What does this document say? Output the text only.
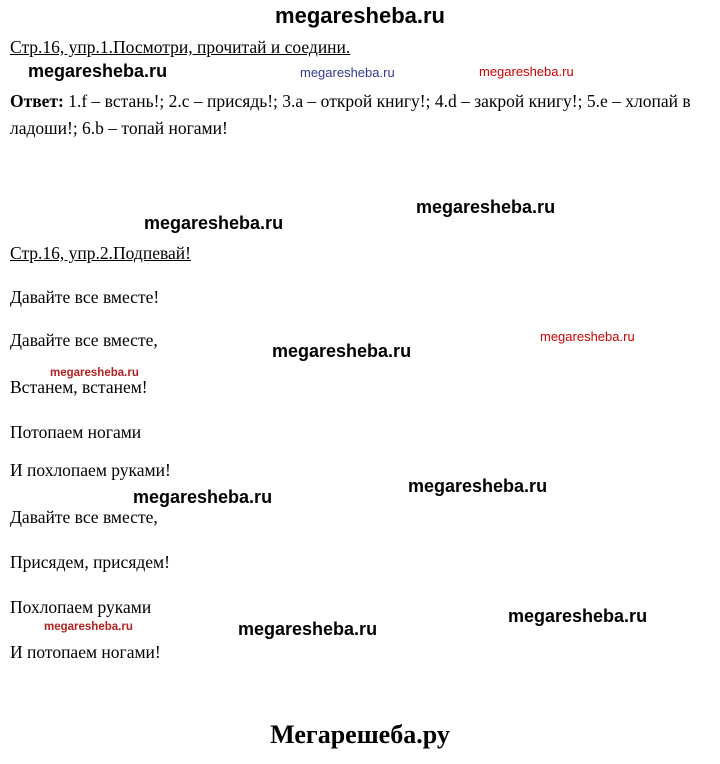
megaresheba.ru
Стр.16, упр.1.Посмотри, прочитай и соедини.
megaresheba.ru	megaresheba.ru	megaresheba.ru

Ответ: 1.f – встань!; 2.c – присядь!; 3.a – открой книгу!; 4.d – закрой книгу!; 5.e – хлопай в ладоши!; 6.b – топай ногами!

megaresheba.ru
megaresheba.ru
Стр.16, упр.2.Подпевай!
Давайте все вместе!
Давайте все вместе,
Встанем, встанем!
Потопаем ногами
И похлопаем руками!
Давайте все вместе,
Присядем, присядем!
Похлопаем руками
И потопаем ногами!
megaresheba.ru
megaresheba.ru
megaresheba.ru
megaresheba.ru
megaresheba.ru
megaresheba.ru
megaresheba.ru	megaresheba.ru
Мегарешеба.ру
